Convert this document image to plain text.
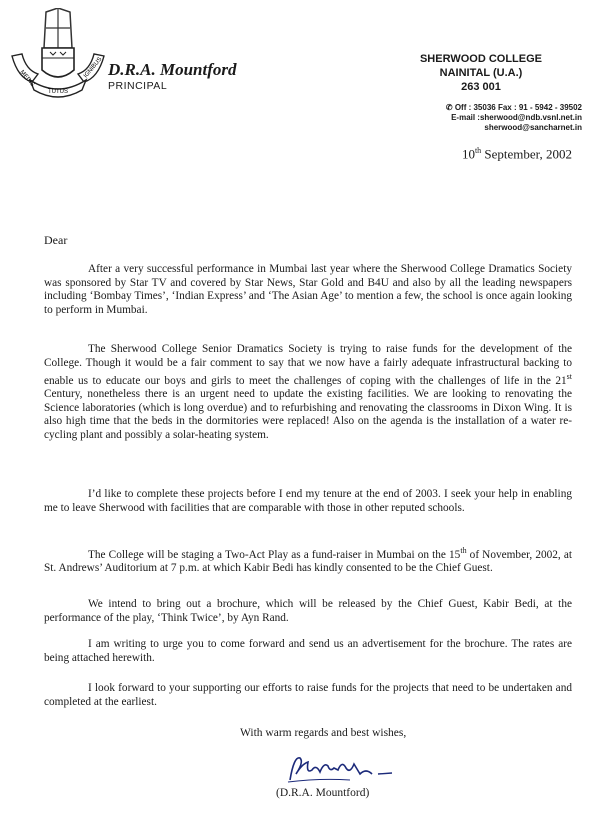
MEDIS
TUTUS
IGNIBUS D.R.A. Mountford
PRINCIPAL
SHERWOOD COLLEGE
NAINITAL (U.A.)
263 001
✆ Off : 35036 Fax : 91 - 5942 - 39502
E-mail :sherwood@ndb.vsnl.net.in
sherwood@sancharnet.in
10th September, 2002
Dear
After a very successful performance in Mumbai last year where the Sherwood College Dramatics Society was sponsored by Star TV and covered by Star News, Star Gold and B4U and also by all the leading newspapers including ‘Bombay Times’, ‘Indian Express’ and ‘The Asian Age’ to mention a few, the school is once again looking to perform in Mumbai.
The Sherwood College Senior Dramatics Society is trying to raise funds for the development of the College. Though it would be a fair comment to say that we now have a fairly adequate infrastructural backing to enable us to educate our boys and girls to meet the challenges of coping with the challenges of life in the 21st Century, nonetheless there is an urgent need to update the existing facilities. We are looking to renovating the Science laboratories (which is long overdue) and to refurbishing and renovating the classrooms in Dixon Wing. It is also high time that the beds in the dormitories were replaced! Also on the agenda is the installation of a water re-cycling plant and possibly a solar-heating system.
I’d like to complete these projects before I end my tenure at the end of 2003. I seek your help in enabling me to leave Sherwood with facilities that are comparable with those in other reputed schools.
The College will be staging a Two-Act Play as a fund-raiser in Mumbai on the 15th of November, 2002, at St. Andrews’ Auditorium at 7 p.m. at which Kabir Bedi has kindly consented to be the Chief Guest.
We intend to bring out a brochure, which will be released by the Chief Guest, Kabir Bedi, at the performance of the play, ‘Think Twice’, by Ayn Rand.
I am writing to urge you to come forward and send us an advertisement for the brochure. The rates are being attached herewith.
I look forward to your supporting our efforts to raise funds for the projects that need to be undertaken and completed at the earliest.
With warm regards and best wishes,
(D.R.A. Mountford)
